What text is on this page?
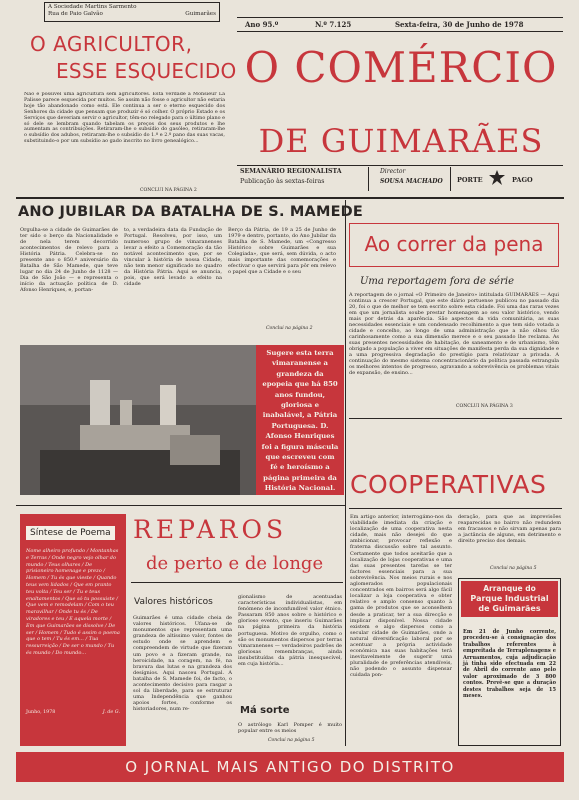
A Sociedade Martins Sarmento
Rua de Paio Galvão	Guimarães
O AGRICULTOR,
ESSE ESQUECIDO
Não é possível uma agricultura sem agricultores. Esta verdade a Monsieur La Palisse parece esquecida por muitos. Se assim não fosse o agricultor não estaria hoje tão abandonado como está. Ele continua a ser o eterno esquecido dos Senhores da cidade que pensam que produzir é só colher. O próprio Estado e os Serviços que deveriam servir o agricultor, têm-no relegado para o último plano e só dele se lembram quando tabelam os preços dos seus produtos e lhe aumentam as contribuições. Retiraram-lhe o subsídio do gasóleo, retiraram-lhe o subsídio dos adubos, retiraram-lhe o subsídio do 1.º e 2.º pano das suas vacas, substituindo-o por um subsídio ao gado inscrito no livro genealógico...
CONCLUI NA PÁGINA 2
Ano 95.º	N.º 7.125	Sexta-feira, 30 de Junho de 1978
O COMÉRCIO
DE GUIMARÃES
SEMANÁRIO REGIONALISTA
Publicação às sextas-feiras
Director
SOUSA MACHADO PORTE	PAGO
ANO JUBILAR DA BATALHA DE S. MAMEDE
Orgulha-se a cidade de Guimarães de ter sido o berço da Nacionalidade e de nela terem decorrido acontecimentos de relevo para a História Pátria. Celebra-se no presente ano o 850.º aniversário da Batalha de São Mamede, que teve lugar no dia 24 de Junho de 1128 — Dia de São João — e representa o início da actuação política de D. Afonso Henriques, e, portan-
to, a verdadeira data da Fundação de Portugal. Resolveu, por isso, um numeroso grupo de vimaranenses levar a efeito a Comemoração da tão notável acontecimento que, por se vincular à história de nossa Cidade, não tem menor significado no quadro da História Pátria. Aqui se anuncia, pois, que será levado a efeito na cidade
Berço da Pátria, de 19 a 25 de Junho de 1979 e dentro, portanto, do Ano Jubilar da Batalha de S. Mamede, um «Congresso Histórico sobre Guimarães e sua Colegiada», que será, sem dúvida, o acto mais importante das comemorações e efectivar o que servirá para pôr em relevo o papel que a Cidade e o seu
Conclui na página 2
Sugere esta terra vimaranense a grandeza da epopeia que há 850 anos fundou, gloriosa e inabalável, a Pátria Portuguesa. D. Afonso Henriques foi a figura máscula que escreveu com fé e heroísmo a página primeira da História Nacional.
Ao correr da pena
Uma reportagem fora de série
A reportagem de o jornal «O Primeiro de Janeiro» intitulada GUIMARÃES — Aqui continua a crescer Portugal, que este diário portuense publicou no passado dia 20, foi o que de melhor se tem escrito sobre esta cidade. Foi uma das raras vezes em que um jornalista soube prestar homenagem ao seu valor histórico, vendo mais por detrás da aparência. São aspectos da vida comunitária, as suas necessidades essenciais e um condensado recolhimento a que tem sido votada a cidade e concelho, ao longo de uma administração que a não olhou tão carinhosamente como a sua dimensão merece e o seu passado lhe reclama. As suas presentes necessidades de habitação, de saneamento e de urbanismo, têm obrigado a população a viver em situações de manifesta perda da sua dignidade e a uma progressiva degradação do prestígio para relativizar a privada. A continuação do mesmo sistema concentracionário da política passada estrangula os melhores intentos de progresso, agravando a sobrevivência os problemas vitais de expansão, de ensino...
CONCLUI NA PÁGINA 3
COOPERATIVAS
Em artigo anterior, interrogámo-nos da viabilidade imediata da criação e localização de uma cooperativa nesta cidade, mais não desejei do que ambicionar, provocar reflexão e fraterna discussão sobre tal assunto. Certamente que todos aceitarão que a localização de lojas cooperativas e uma das suas presentes tarefas se ter factores essenciais para a sua sobrevivência. Nos meios rurais e nos aglomerados populacionais concentrados em bairros será algo fácil localizar a loja cooperativa e obter relativo e amplo consenso quanto à gama de produtos que se aconselhem desde a praticar, ter a sua direcção e implicar disponível. Nossa cidade existem e algo dispersos como a secular cidade de Guimarães, onde a natural diversificação laboral por se acentuar a própria actividade económica nas suas habitações terá inevitavelmente de sugerir uma pluralidade de preferências atendíveis, não podendo o assunto dispensar cuidada pon-
deração, para que as imprevisões reaparecidas no bairro não redundem em fracassos e não sirvam apenas para a jactância de alguns, em detrimento e direito preciso dos demais.
Conclui na página 5
Arranque do
Parque Industrial
de Guimarães
Em 21 de Junho corrente, procedeu-se à consignação dos trabalhos referentes à empreitada de Terraplenagens e Arruamentos, cuja adjudicação já tinha sido efectuada em 22 de Abril do corrente ano pelo valor aproximado de 3 800 contos. Prevê-se que a duração destes trabalhos seja de 15 meses.
Síntese de Poema
Nome alheiro profundo / Montanhas e Terras / Onde negro vejo olhar do mundo / Teus olhares / De prisioneiro homenage e prezo / Homem / Tu és que vieste / Quando teus vem lidados / Que em pranto teu volta / Teu ser / Tu e teus enaltamentos / Que só tu possuiste / Que vem e remodelam / Com o teu maravilhar / Onde tu és / De viradores e teu / E aquela morte / Em que Guimarães se dissolve / De ser / Homem / Tudo é assim o poema que o tem / Tu és em... / Tua ressurreição / De ser o mundo / Tu és mundo / Do mundo...
Junho, 1978	J. de G.
REPAROS
de perto e de longe
Valores históricos
Guimarães é uma cidade cheia de valores históricos. Ufana-se de monumentos que representam uma grandeza de altíssimo valor, fontes de estudo onde se aprendem e compreendem de virtude que fizeram um povo e a fizeram grande, na heroicidade, na coragem, na fé, na bravura das lutas e na grandeza dos desígnios. Aqui nasceu Portugal. A batalha de S. Mamede foi, de facto, o acontecimento decisivo para rasgar a sol da liberdade, para se estruturar uma Independência que ganhou apoios fortes, conforme os historiadores, num re-
gionalismo de acentuadas características individualistas, em fenómeno de inconfundível valor étnico. Passaram 850 anos sobre o histórico e glorioso evento, que inseriu Guimarães na página primeira da história portuguesa. Motivo de orgulho, como o são os monumentos dispersos por terras vimaranenses — verdadeiros padrões de gloriosas remembranças, ainda insubstituídas da pátria inesquecível, em cuja história...
Má sorte
O astrólogo Karl Pomper é muito popular entre os meios
Conclui na página 5
O JORNAL MAIS ANTIGO DO DISTRITO
